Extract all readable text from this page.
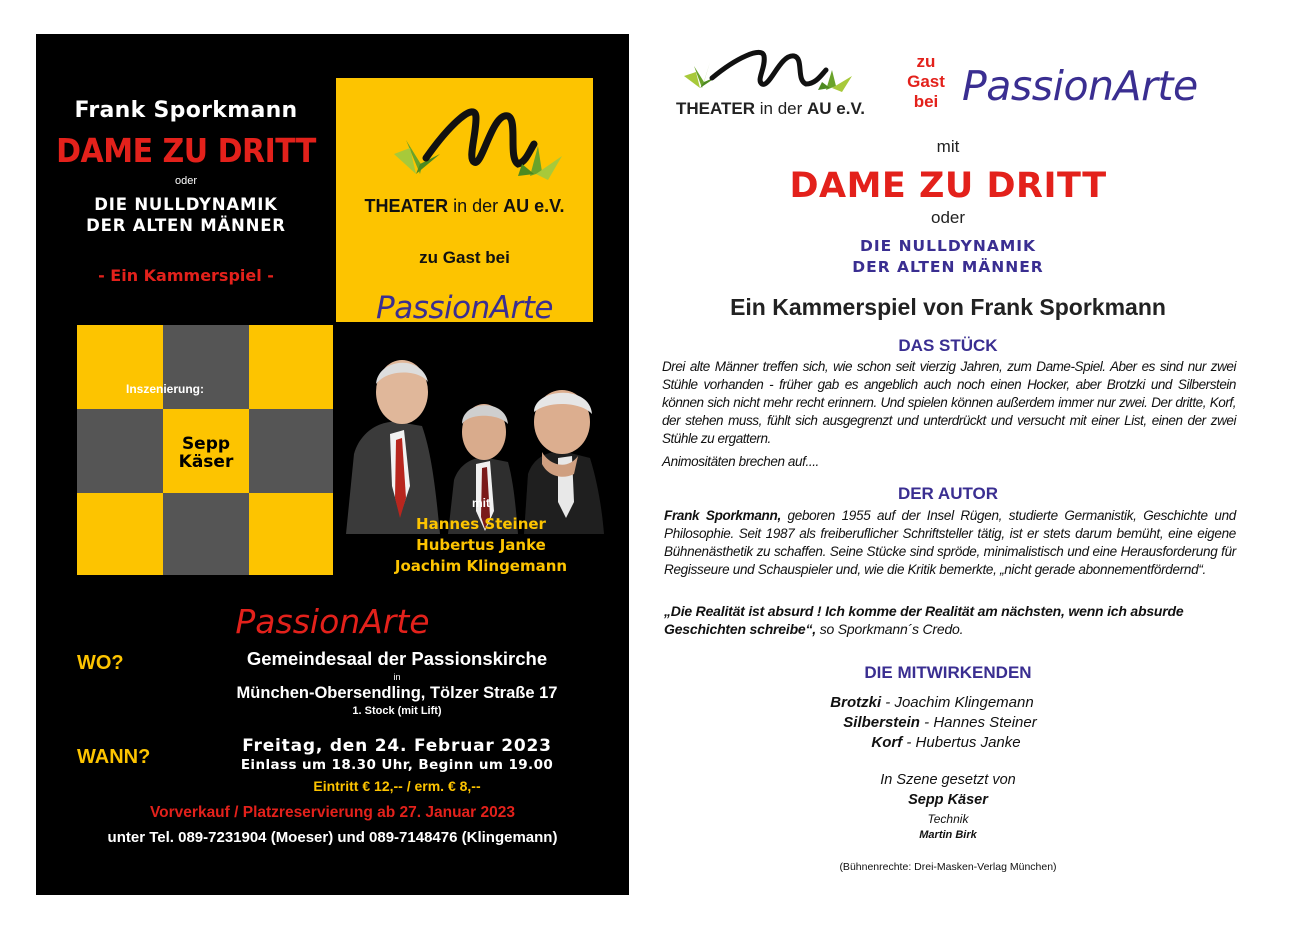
Frank Sporkmann
DAME ZU DRITT
oder
DIE NULLDYNAMIK
DER ALTEN MÄNNER
- Ein Kammerspiel -
THEATER in der AU e.V.
zu Gast bei
PassionArte
Inszenierung:
Sepp
Käser
mit
Hannes Steiner
Hubertus Janke
Joachim Klingemann
PassionArte
WO?	Gemeindesaal der Passionskirche
in
München-Obersendling, Tölzer Straße 17
1. Stock (mit Lift)
WANN?	Freitag, den 24. Februar 2023
Einlass um 18.30 Uhr, Beginn um 19.00
Eintritt € 12,-- / erm. € 8,--
Vorverkauf / Platzreservierung ab 27. Januar 2023
unter Tel. 089-7231904 (Moeser) und 089-7148476 (Klingemann)
THEATER in der AU e.V.
zu
Gast
bei PassionArte
mit
DAME ZU DRITT
oder
DIE NULLDYNAMIK
DER ALTEN MÄNNER
Ein Kammerspiel von Frank Sporkmann
DAS STÜCK
Drei alte Männer treffen sich, wie schon seit vierzig Jahren, zum Dame-Spiel. Aber es sind nur zwei Stühle vorhanden - früher gab es angeblich auch noch einen Hocker, aber Brotzki und Silberstein können sich nicht mehr recht erinnern. Und spielen können außerdem immer nur zwei. Der dritte, Korf, der stehen muss, fühlt sich ausgegrenzt und unterdrückt und versucht mit einer List, einen der zwei Stühle zu ergattern.
Animositäten brechen auf....
DER AUTOR
Frank Sporkmann, geboren 1955 auf der Insel Rügen, studierte Germanistik, Geschichte und Philosophie. Seit 1987 als freiberuflicher Schriftsteller tätig, ist er stets darum bemüht, eine eigene Bühnenästhetik zu schaffen. Seine Stücke sind spröde, minimalistisch und eine Herausforderung für Regisseure und Schauspieler und, wie die Kritik bemerkte, „nicht gerade abonnementfördernd“.
„Die Realität ist absurd ! Ich komme der Realität am nächsten, wenn ich absurde Geschichten schreibe“, so Sporkmann´s Credo.
DIE MITWIRKENDEN
Brotzki - Joachim Klingemann
Silberstein - Hannes Steiner
Korf - Hubertus Janke
In Szene gesetzt von
Sepp Käser
Technik
Martin Birk
(Bühnenrechte: Drei-Masken-Verlag München)
